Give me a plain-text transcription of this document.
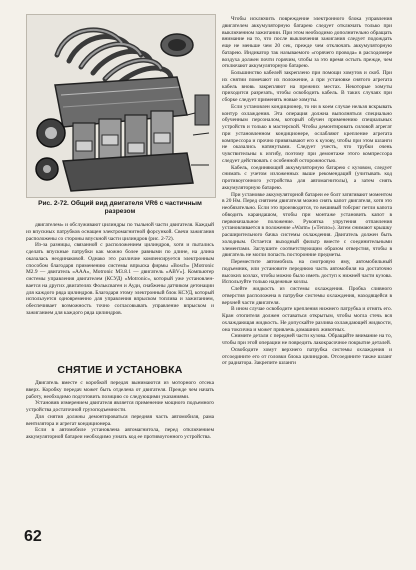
Рис. 2-72. Общий вид двигателя VR6 с частичным разрезом

двигателем» и обслуживают цилиндры по тыльной части двигателя. Каждый из впускных патрубков оснащен электромагнитной форсункой. Свечи зажигания расположены со стороны впускной части цилиндров (рис. 2-72).

Из-за разницы, связанной с расположением цилиндров, хотя и пытались сделать впускные патрубки как можно более равными по длине, на длина оказалась неодинаковой. Однако это различие компенсируется электронным способом благодаря применению системы впрыска фирмы «Bosch» [Motronic M2.9 — двигатель «AAA», Motronic M3.8.1 — двигатель «ABV»]. Компьютер системы управления двигателем (КСУД) «Motronic», который уже установлен-вается на других двигателях Фольксваген и Ауди, снабжены датчиком детонации для каждого ряда цилиндров. Благодаря этому электронный блок КСУД, который используется одновременно для управления впрыском топлива и зажиганием, обеспечивает возможность точно согласовывать управление впрыском и зажиганием для каждого ряда цилиндров.

СНЯТИЕ И УСТАНОВКА

Двигатель вместе с коробкой передач вынимаются из моторного отсека вверх. Коробку передач может быть отделена от двигателя. Прежде чем начать работу, необходимо подготовить позицию со следующими указаниями.

Установив измерением двигателя является применение мощного подъемного устройства достаточной грузоподъемности.

Для снятия должны демонтироваться передняя часть автомобиля, рама вентилятора и агрегат кондиционера.

Если в автомобиле установлена автомагнитола, перед отключением аккумуляторной батареи необходимо узнать код ее противоугонного устройства.

Чтобы исключить повреждение электронного блока управления двигателем аккумуляторную батарею следует отключать только при выключенном зажигании. При этом необходимо дополнительно обращать внимание на то, что после выключения зажигания следует подождать еще не меньше чем 20 сек, прежде чем отключать аккумуляторную батарею. Индикатор так называемого «горячего провода» в расходомере воздуха должен почти горячим, чтобы за это время остыть прежде, чем отключают аккумуляторную батарею.

Большинство кабелей закреплено при помощи хомутов и скоб. При их снятии помечают их положение, а при установке снятого агрегата кабель вновь закрепляют на прежних местах. Некоторые хомуты приходится разрезать, чтобы освободить кабель. В таких случаях при сборке следует применять новые хомуты.

Если установлен кондиционер, то ни в коем случае нельзя вскрывать контур охлаждения. Эта операция должна выполняться специально обученным персоналом, который обучен применению специальных устройств и только в мастерской. Чтобы демонтировать силовой агрегат при установленном кондиционере, ослабляют крепление агрегата компрессора и прочно привязывают его к кузову, чтобы при этом шланги не оказались натянутыми. Следует учесть, что трубки очень чувствительны к изгибу, поэтому при демонтаже этого компрессора следует действовать с особенной осторожностью.

Кабель, соединяющий аккумуляторную батарею с кузовом, следует снимать с учетом изложенных выше рекомендаций (учитывать код противоугонного устройства для автомагнитолы), а затем снять аккумуляторную батарею.

При установке аккумуляторной батареи ее болт затягивают моментом в 20 Нм. Перед снятием двигателя можно снять капот двигателя, хотя это необязательно. Если это производится, то вешивый тобсриг петли капота обводить карандашом, чтобы при монтаже установить капот в первоначальное положение. Рукоятка упругения отпанления установливается в положение «Warm» («Тепло»). Затем снимают крышку расширительного бачка системы охлаждения. Двигатель должен быть холодным. Остается выходный фильтр вместе с соединительными элементами. Заглушите соответствующим образом отверстия, чтобы в двигатель не могли попасть посторонние предметы.

Переместите автомобиль на смотровую яму, автомобильный подъемник, или установите переднюю часть автомобиля на достаточно высоких козлах, чтобы можно было иметь доступ к нижней части кузова. Используйте только надежные козлы.

Слейте жидкость из системы охлаждения. Пробка сливного отверстия расположена в патрубке системы охлаждения, находящейся в верхней части двигателя.

В ином случае освободите крепления нижнего патрубка и отнять его. Кран отопителя должен оставаться открытым, чтобы могла стечь вся охлаждающая жидкость. Не допускайте разлива охлаждающей жидкости, она токсична и может привлечь домашних животных.

Снимите детали с передней части кузова. Обращайте внимание на то, чтобы при этой операции не повредить лакокрасочное покрытие деталей.

Освободите хомут верхнего патрубка системы охлаждения и отсоедините его от головки блока цилиндров. Отсоедините также шланг от радиатора. Закрепите шланги

62
